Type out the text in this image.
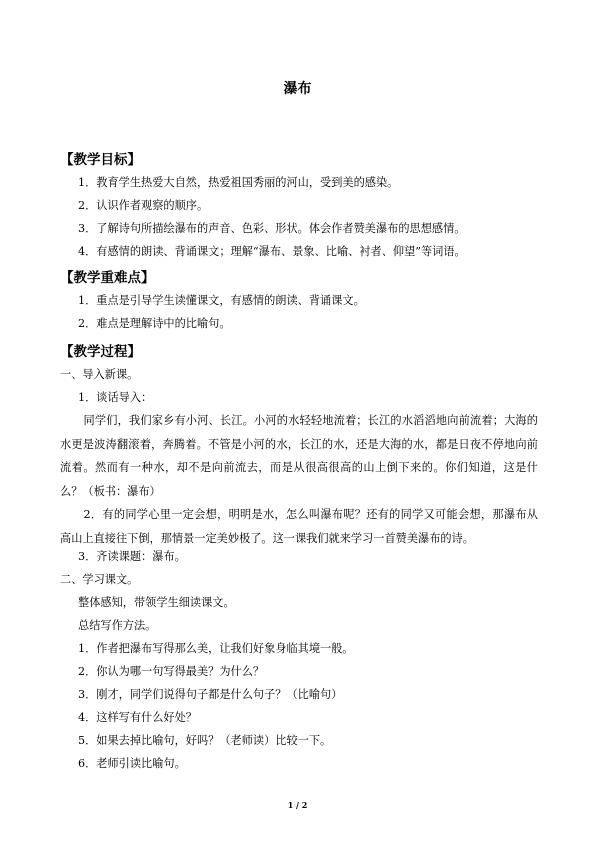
瀑布
【教学目标】
1．教育学生热爱大自然，热爱祖国秀丽的河山，受到美的感染。
2．认识作者观察的顺序。
3．了解诗句所描绘瀑布的声音、色彩、形状。体会作者赞美瀑布的思想感情。
4．有感情的朗读、背诵课文；理解“瀑布、景象、比喻、衬者、仰望”等词语。
【教学重难点】
1．重点是引导学生读懂课文，有感情的朗读、背诵课文。
2．难点是理解诗中的比喻句。
【教学过程】
一、导入新课。
1．谈话导入：
同学们，我们家乡有小河、长江。小河的水轻轻地流着；长江的水滔滔地向前流着；大海的水更是波涛翻滚着，奔腾着。不管是小河的水，长江的水，还是大海的水，都是日夜不停地向前流着。然而有一种水，却不是向前流去，而是从很高很高的山上倒下来的。你们知道，这是什么？（板书：瀑布）
2．有的同学心里一定会想，明明是水，怎么叫瀑布呢？还有的同学又可能会想，那瀑布从高山上直接往下倒，那情景一定美妙极了。这一课我们就来学习一首赞美瀑布的诗。
3．齐读课题：瀑布。
二、学习课文。
整体感知，带领学生细读课文。
总结写作方法。
1．作者把瀑布写得那么美，让我们好象身临其境一般。
2．你认为哪一句写得最美？为什么？
3．刚才，同学们说得句子都是什么句子？（比喻句）
4．这样写有什么好处？
5．如果去掉比喻句，好吗？（老师读）比较一下。
6．老师引读比喻句。
1 / 2
